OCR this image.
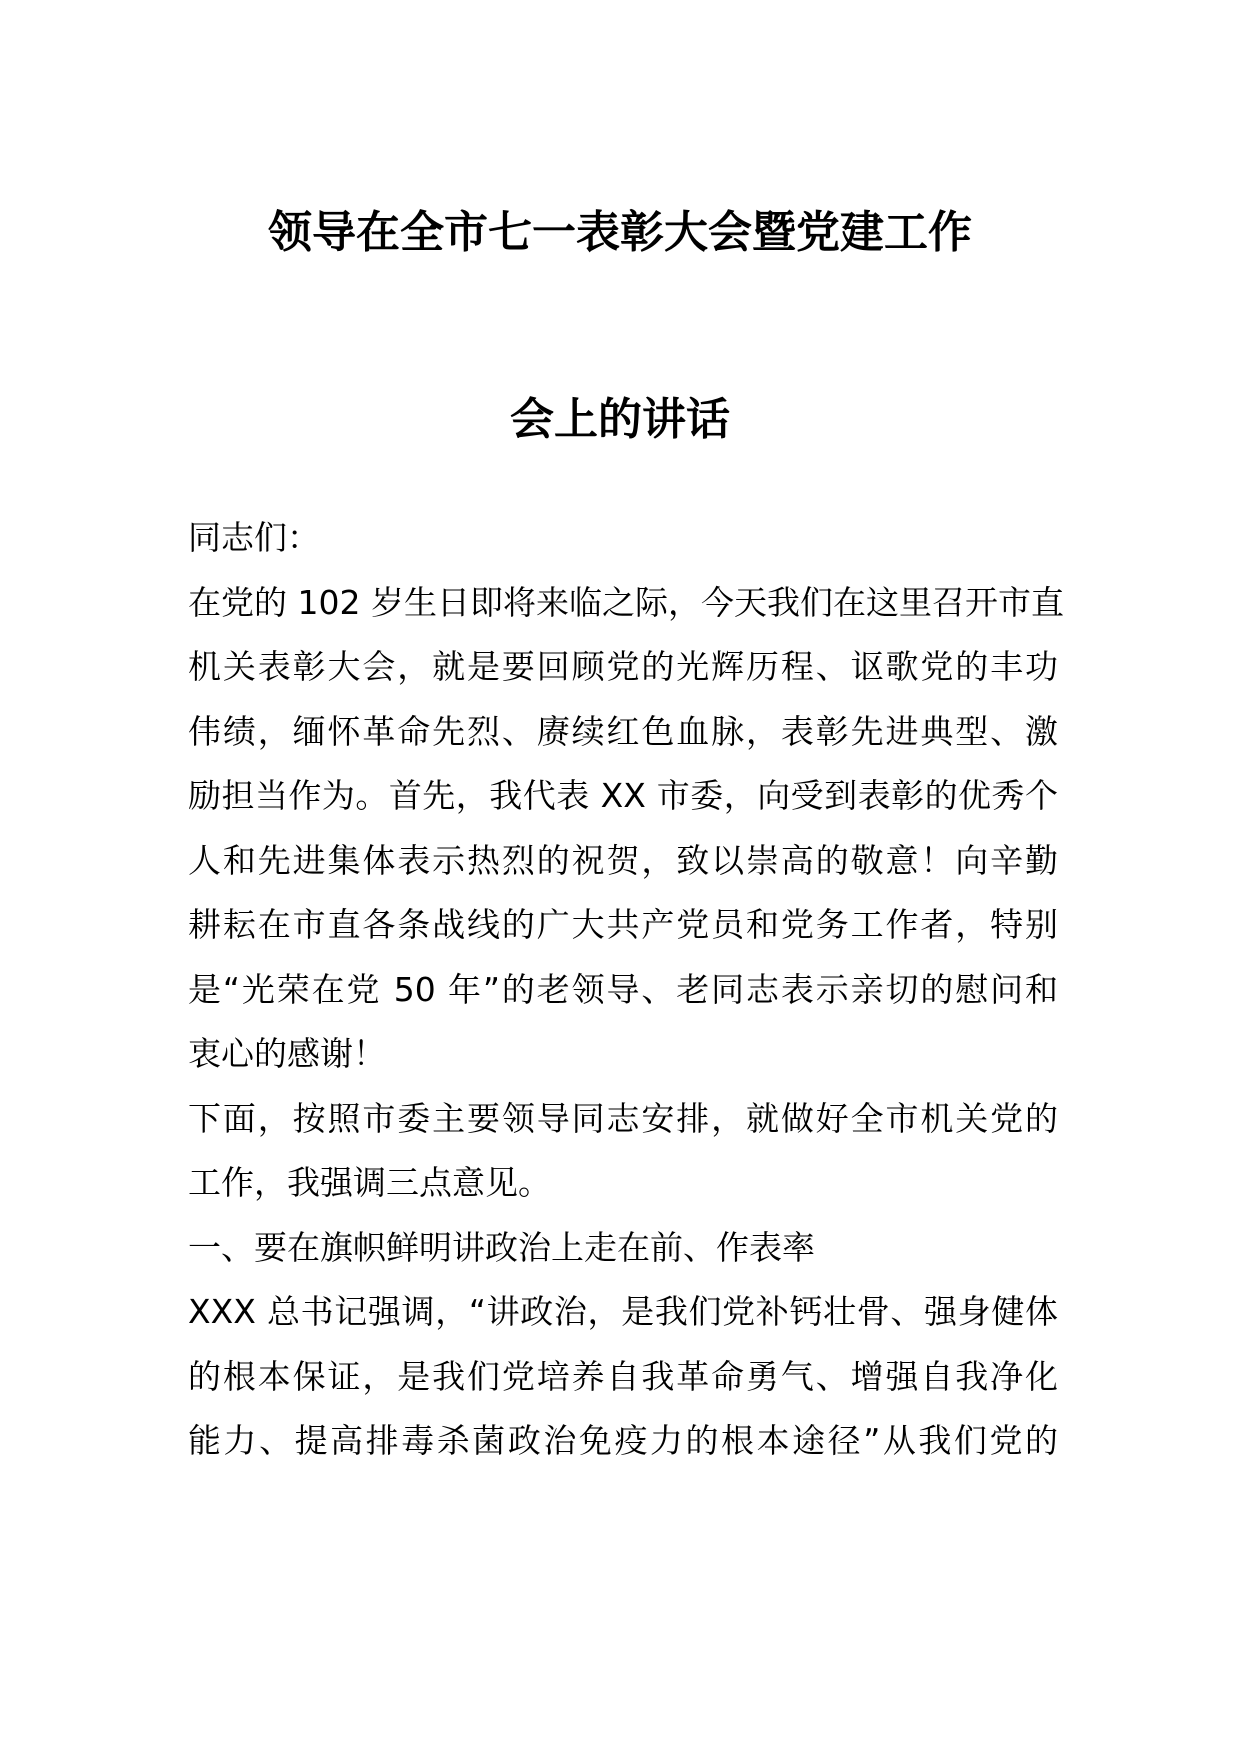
领导在全市七一表彰大会暨党建工作
会上的讲话
同志们：
在党的 102 岁生日即将来临之际，今天我们在这里召开市直
机关表彰大会，就是要回顾党的光辉历程、讴歌党的丰功
伟绩，缅怀革命先烈、赓续红色血脉，表彰先进典型、激
励担当作为。首先，我代表 XX 市委，向受到表彰的优秀个
人和先进集体表示热烈的祝贺，致以崇高的敬意！向辛勤
耕耘在市直各条战线的广大共产党员和党务工作者，特别
是“光荣在党 50 年”的老领导、老同志表示亲切的慰问和
衷心的感谢！
下面，按照市委主要领导同志安排，就做好全市机关党的
工作，我强调三点意见。
一、要在旗帜鲜明讲政治上走在前、作表率
XXX 总书记强调，“讲政治，是我们党补钙壮骨、强身健体
的根本保证，是我们党培养自我革命勇气、增强自我净化
能力、提高排毒杀菌政治免疫力的根本途径”从我们党的
